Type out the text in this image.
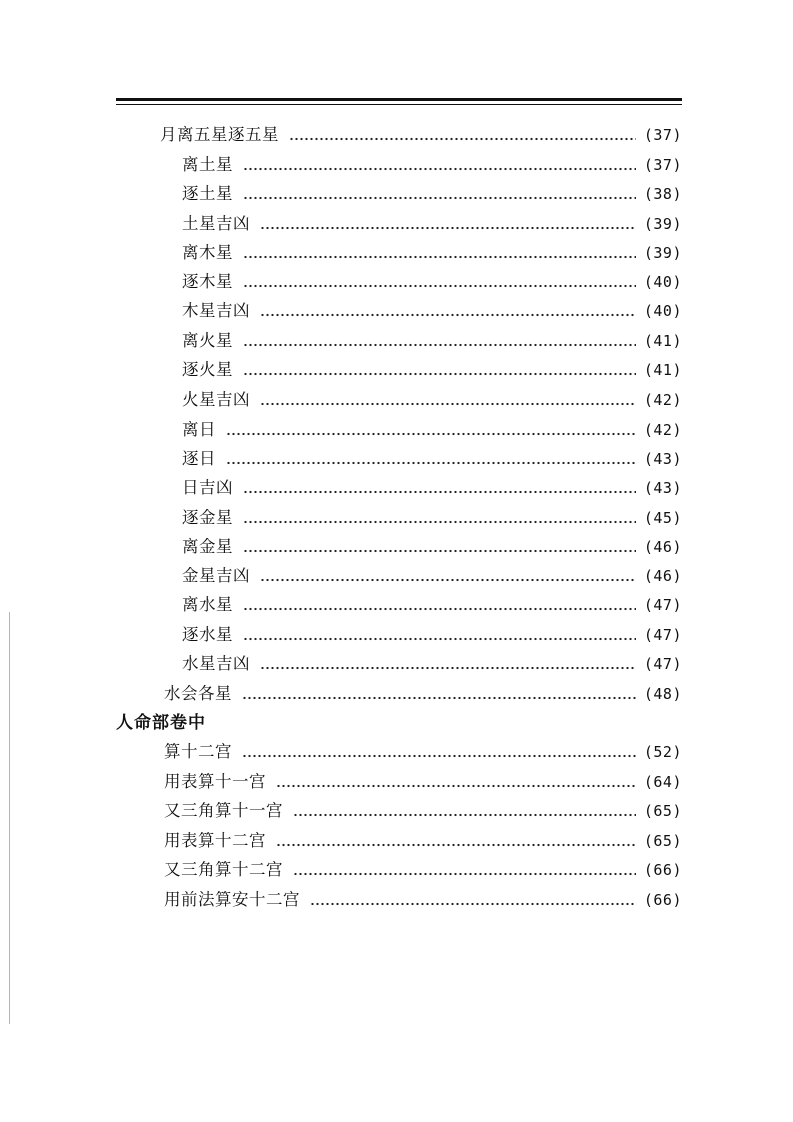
月离五星逐五星	(37)
离土星	(37)
逐土星	(38)
土星吉凶	(39)
离木星	(39)
逐木星	(40)
木星吉凶	(40)
离火星	(41)
逐火星	(41)
火星吉凶	(42)
离日	(42)
逐日	(43)
日吉凶	(43)
逐金星	(45)
离金星	(46)
金星吉凶	(46)
离水星	(47)
逐水星	(47)
水星吉凶	(47)
水会各星	(48)
人命部卷中
算十二宫	(52)
用表算十一宫	(64)
又三角算十一宫	(65)
用表算十二宫	(65)
又三角算十二宫	(66)
用前法算安十二宫	(66)
